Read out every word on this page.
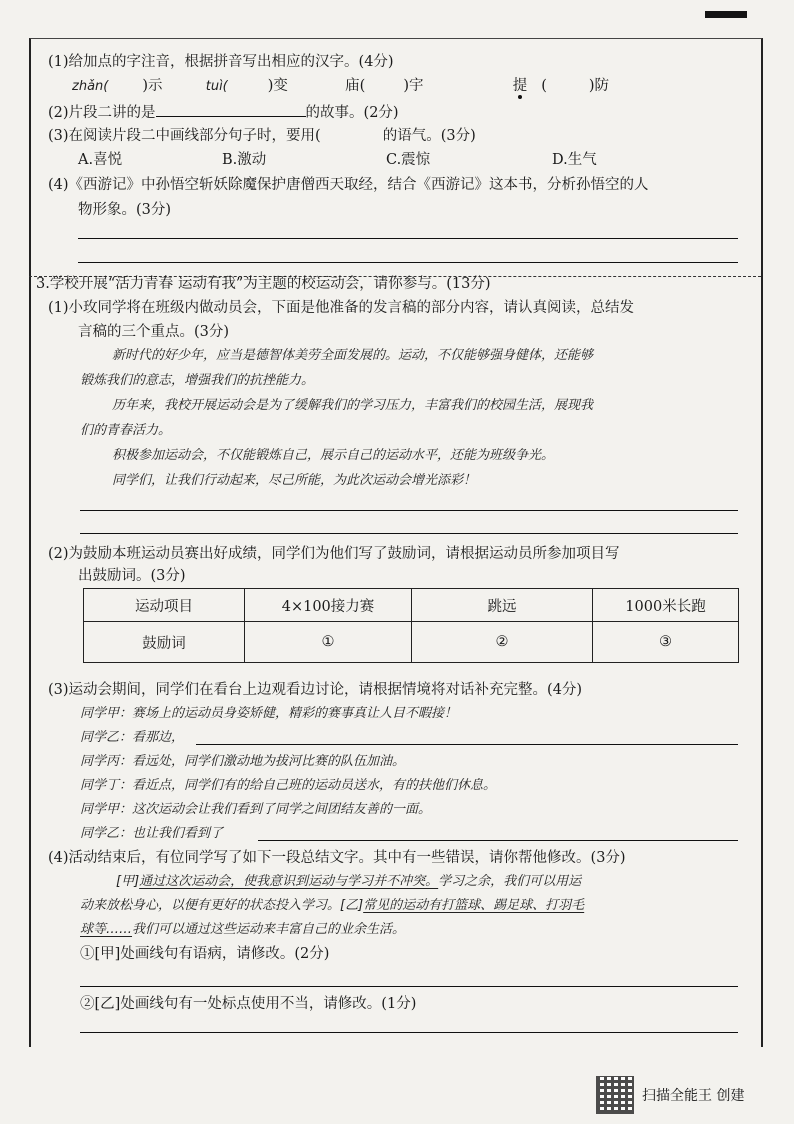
(1)给加点的字注音，根据拼音写出相应的汉字。(4分)
zhǎn( )示	tuì(	)变	庙(	)宇	提 (	)防
(2)片段二讲的是	的故事。(2分)
(3)在阅读片段二中画线部分句子时，要用(	的语气。(3分)
A.喜悦	B.激动	C.震惊	D.生气
(4)《西游记》中孙悟空斩妖除魔保护唐僧西天取经，结合《西游记》这本书，分析孙悟空的人
物形象。(3分)
3.学校开展“活力青春 运动有我”为主题的校运动会，请你参与。(13分)
(1)小玫同学将在班级内做动员会，下面是他准备的发言稿的部分内容，请认真阅读，总结发
言稿的三个重点。(3分)
新时代的好少年，应当是德智体美劳全面发展的。运动，不仅能够强身健体，还能够
锻炼我们的意志，增强我们的抗挫能力。
历年来，我校开展运动会是为了缓解我们的学习压力，丰富我们的校园生活，展现我
们的青春活力。
积极参加运动会，不仅能锻炼自己，展示自己的运动水平，还能为班级争光。
同学们，让我们行动起来，尽己所能，为此次运动会增光添彩！
(2)为鼓励本班运动员赛出好成绩，同学们为他们写了鼓励词，请根据运动员所参加项目写
出鼓励词。(3分)
运动项目	4×100接力赛	跳远	1000米长跑
鼓励词	①	②	③
(3)运动会期间，同学们在看台上边观看边讨论，请根据情境将对话补充完整。(4分)
同学甲：赛场上的运动员身姿矫健，精彩的赛事真让人目不暇接！
同学乙：看那边，
同学丙：看远处，同学们激动地为拔河比赛的队伍加油。
同学丁：看近点，同学们有的给自己班的运动员送水，有的扶他们休息。
同学甲：这次运动会让我们看到了同学之间团结友善的一面。
同学乙：也让我们看到了
(4)活动结束后，有位同学写了如下一段总结文字。其中有一些错误，请你帮他修改。(3分)
[甲]通过这次运动会，使我意识到运动与学习并不冲突。学习之余，我们可以用运
动来放松身心，以便有更好的状态投入学习。[乙]常见的运动有打篮球、踢足球、打羽毛
球等……我们可以通过这些运动来丰富自己的业余生活。
①[甲]处画线句有语病，请修改。(2分)
②[乙]处画线句有一处标点使用不当，请修改。(1分)
扫描全能王 创建
